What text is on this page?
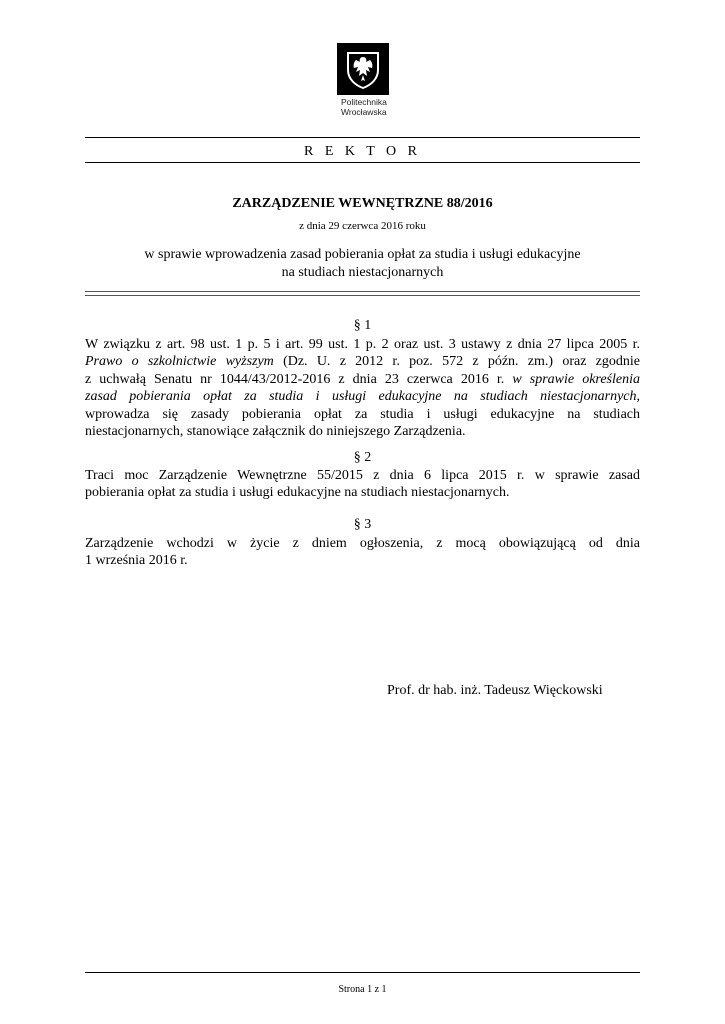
Politechnika
Wrocławska
R E K T O R
ZARZĄDZENIE WEWNĘTRZNE 88/2016
z dnia 29 czerwca 2016 roku
w sprawie wprowadzenia zasad pobierania opłat za studia i usługi edukacyjne
na studiach niestacjonarnych
§ 1
W związku z art. 98 ust. 1 p. 5 i art. 99 ust. 1 p. 2 oraz ust. 3 ustawy z dnia 27 lipca 2005 r.
Prawo o szkolnictwie wyższym (Dz. U. z 2012 r. poz. 572 z późn. zm.) oraz zgodnie
z uchwałą Senatu nr 1044/43/2012-2016 z dnia 23 czerwca 2016 r. w sprawie określenia
zasad pobierania opłat za studia i usługi edukacyjne na studiach niestacjonarnych,
wprowadza się zasady pobierania opłat za studia i usługi edukacyjne na studiach
niestacjonarnych, stanowiące załącznik do niniejszego Zarządzenia.
§ 2
Traci moc Zarządzenie Wewnętrzne 55/2015 z dnia 6 lipca 2015 r. w sprawie zasad
pobierania opłat za studia i usługi edukacyjne na studiach niestacjonarnych.
§ 3
Zarządzenie wchodzi w życie z dniem ogłoszenia, z mocą obowiązującą od dnia
1 września 2016 r.
Prof. dr hab. inż. Tadeusz Więckowski
Strona 1 z 1
